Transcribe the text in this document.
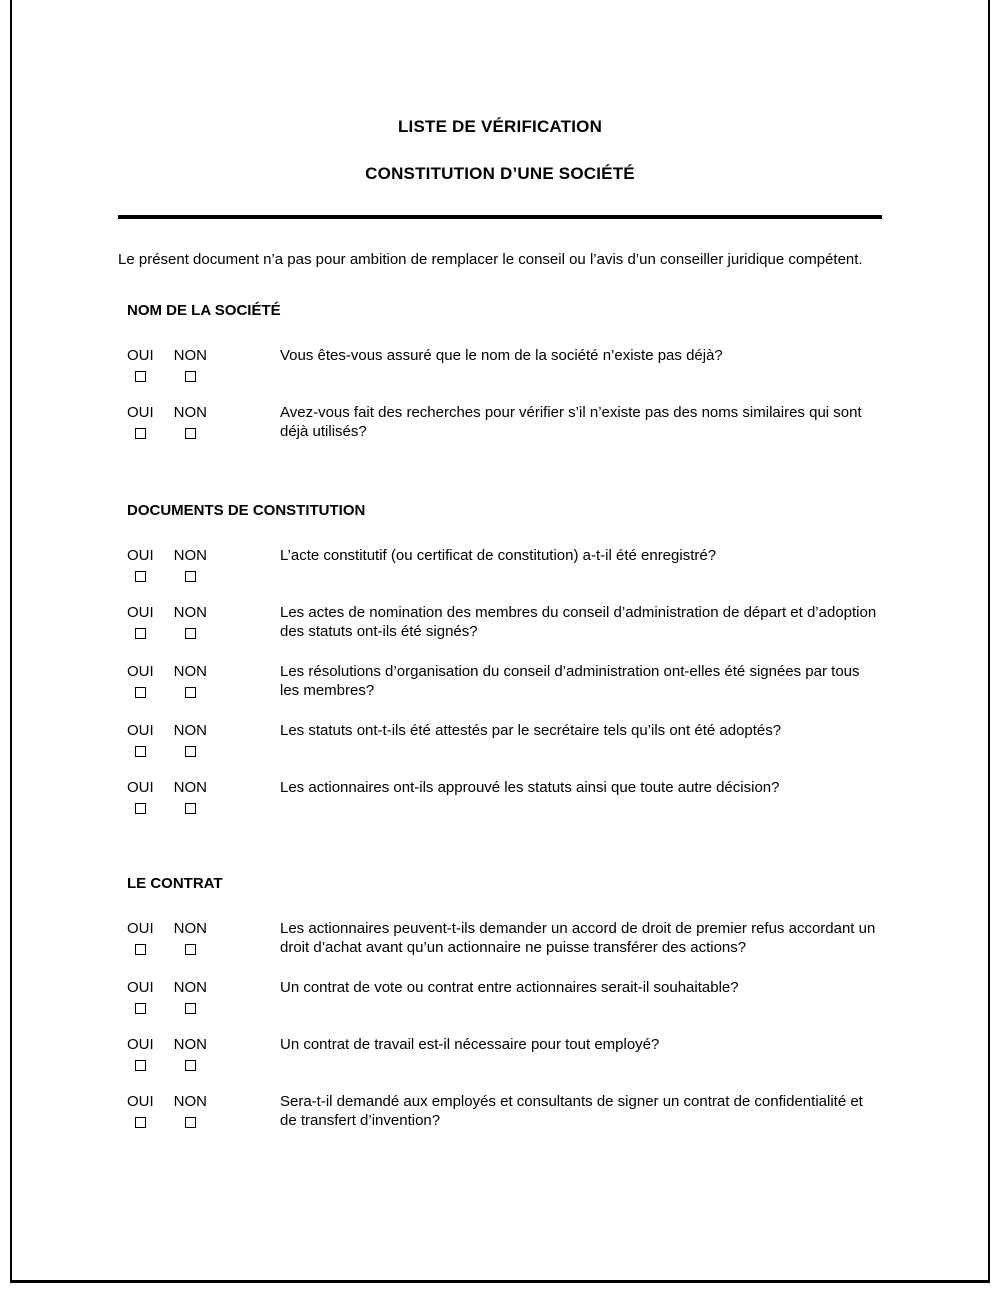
LISTE DE VÉRIFICATION
CONSTITUTION D’UNE SOCIÉTÉ

Le présent document n’a pas pour ambition de remplacer le conseil ou l’avis d’un conseiller juridique compétent.

NOM DE LA SOCIÉTÉ
OUI NON	Vous êtes-vous assuré que le nom de la société n’existe pas déjà?
OUI NON	Avez-vous fait des recherches pour vérifier s’il n’existe pas des noms similaires qui sont déjà utilisés?
DOCUMENTS DE CONSTITUTION
OUI NON	L’acte constitutif (ou certificat de constitution) a-t-il été enregistré?
OUI NON	Les actes de nomination des membres du conseil d’administration de départ et d’adoption des statuts ont-ils été signés?
OUI NON	Les résolutions d’organisation du conseil d’administration ont-elles été signées par tous les membres?
OUI NON	Les statuts ont-t-ils été attestés par le secrétaire tels qu’ils ont été adoptés?
OUI NON	Les actionnaires ont-ils approuvé les statuts ainsi que toute autre décision?
LE CONTRAT
OUI NON	Les actionnaires peuvent-t-ils demander un accord de droit de premier refus accordant un droit d’achat avant qu’un actionnaire ne puisse transférer des actions?
OUI NON	Un contrat de vote ou contrat entre actionnaires serait-il souhaitable?
OUI NON	Un contrat de travail est-il nécessaire pour tout employé?
OUI NON	Sera-t-il demandé aux employés et consultants de signer un contrat de confidentialité et de transfert d’invention?
